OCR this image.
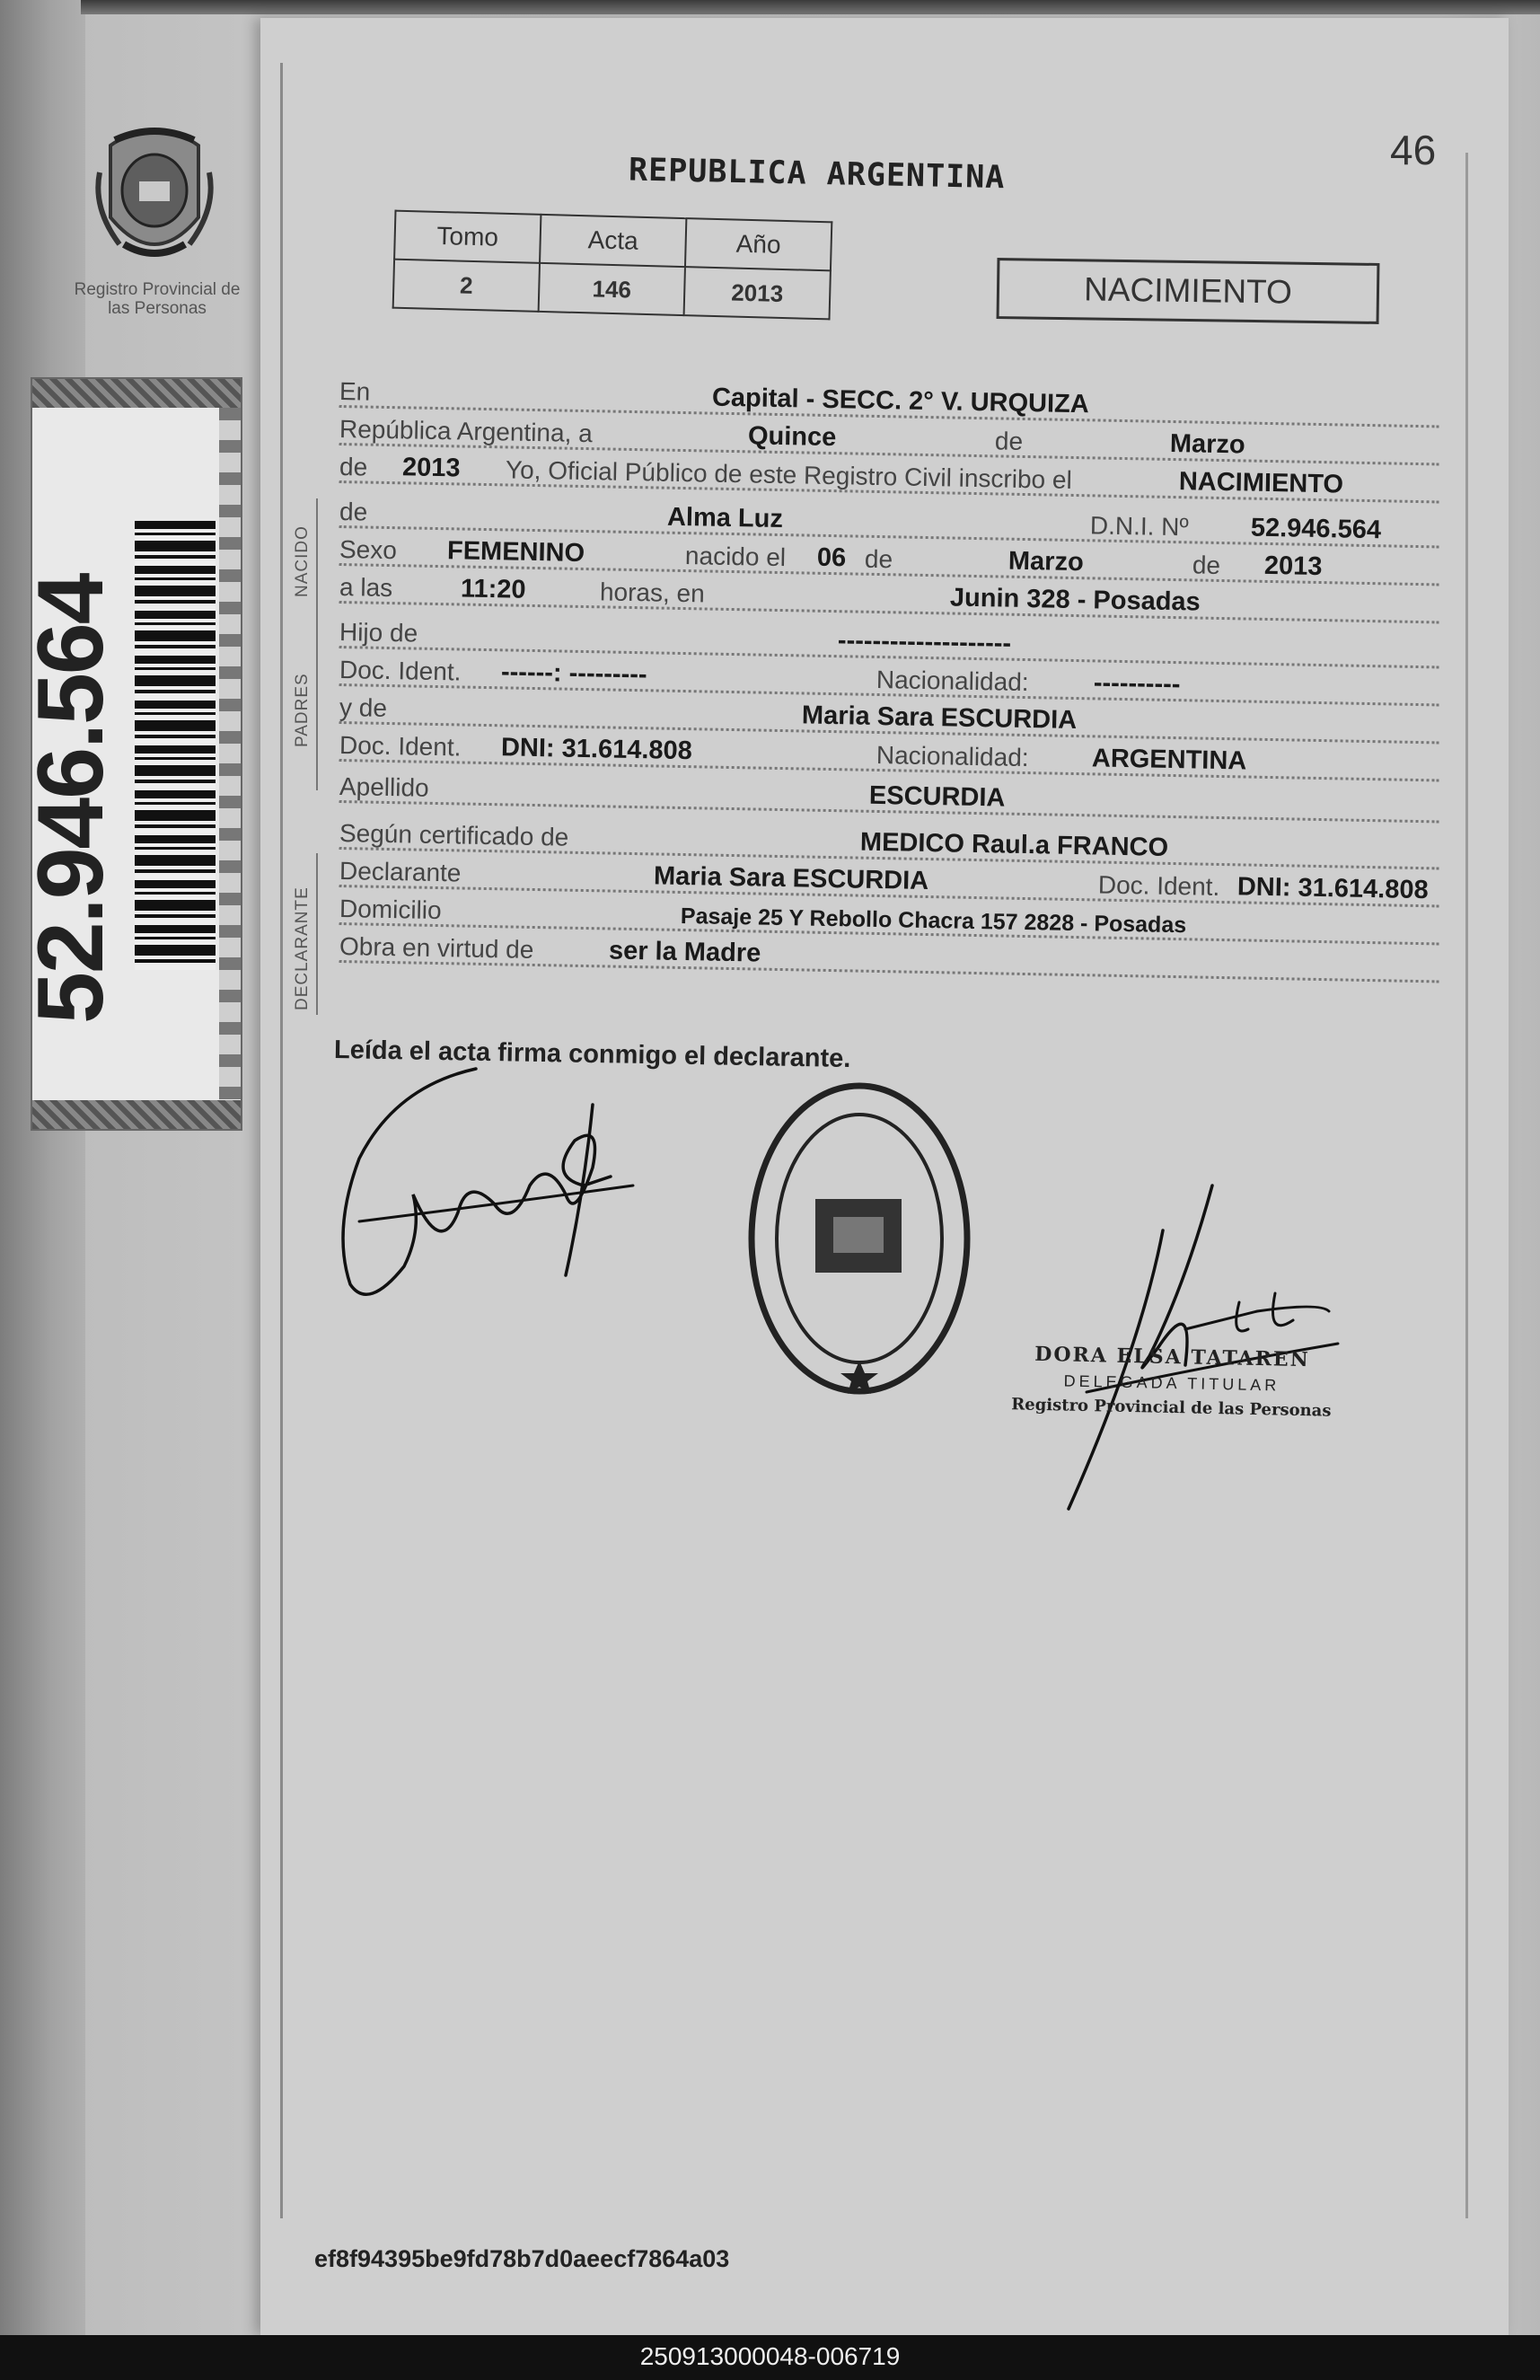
Registro Provincial de las Personas
52.946.564
46
REPUBLICA ARGENTINA
Tomo	Acta	Año
2	146	2013	NACIMIENTO
NACIDO
PADRES
DECLARANTE
En	Capital - SECC. 2° V. URQUIZA
República Argentina, a	Quince	de	Marzo
de 2013 Yo, Oficial Público de este Registro Civil inscribo el	NACIMIENTO
de	Alma Luz	D.N.I. Nº 52.946.564
Sexo FEMENINO	nacido el 06 de	Marzo	de 2013
a las	11:20	horas, en	Junin 328 - Posadas
Hijo de	--------------------
Doc. Ident. ------: ---------	Nacionalidad: ----------
y de	Maria Sara ESCURDIA
Doc. Ident. DNI: 31.614.808	Nacionalidad: ARGENTINA
Apellido	ESCURDIA
Según certificado de	MEDICO Raul.a FRANCO
Declarante	Maria Sara ESCURDIA	Doc. Ident. DNI: 31.614.808
Domicilio	Pasaje 25 Y Rebollo Chacra 157 2828 - Posadas
Obra en virtud de	ser la Madre
Leída el acta firma conmigo el declarante.
DORA ELSA TATAREN
DELEGADA TITULAR
Registro Provincial de las Personas
ef8f94395be9fd78b7d0aeecf7864a03
250913000048-006719
